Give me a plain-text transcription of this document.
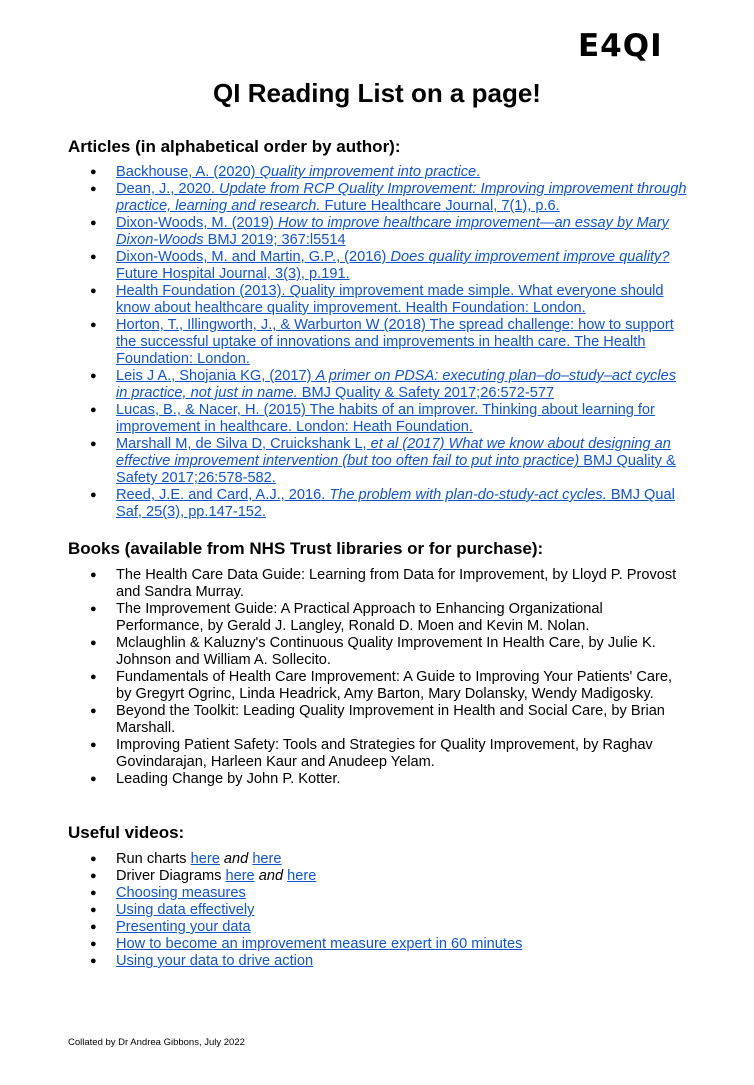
E4QI
QI Reading List on a page!
Articles (in alphabetical order by author):
● Backhouse, A. (2020) Quality improvement into practice.
● Dean, J., 2020. Update from RCP Quality Improvement: Improving improvement through practice, learning and research. Future Healthcare Journal, 7(1), p.6.
● Dixon-Woods, M. (2019) How to improve healthcare improvement—an essay by Mary Dixon-Woods BMJ 2019; 367:l5514
● Dixon-Woods, M. and Martin, G.P., (2016) Does quality improvement improve quality? Future Hospital Journal, 3(3), p.191.
● Health Foundation (2013). Quality improvement made simple. What everyone should know about healthcare quality improvement. Health Foundation: London.
● Horton, T., Illingworth, J., & Warburton W (2018) The spread challenge: how to support the successful uptake of innovations and improvements in health care. The Health Foundation: London.
● Leis J A., Shojania KG, (2017) A primer on PDSA: executing plan–do–study–act cycles in practice, not just in name. BMJ Quality & Safety 2017;26:572-577
● Lucas, B., & Nacer, H. (2015) The habits of an improver. Thinking about learning for improvement in healthcare. London: Heath Foundation.
● Marshall M, de Silva D, Cruickshank L, et al (2017) What we know about designing an effective improvement intervention (but too often fail to put into practice) BMJ Quality & Safety 2017;26:578-582.
● Reed, J.E. and Card, A.J., 2016. The problem with plan-do-study-act cycles. BMJ Qual Saf, 25(3), pp.147-152.
Books (available from NHS Trust libraries or for purchase):
● The Health Care Data Guide: Learning from Data for Improvement, by Lloyd P. Provost and Sandra Murray.
● The Improvement Guide: A Practical Approach to Enhancing Organizational Performance, by Gerald J. Langley, Ronald D. Moen and Kevin M. Nolan.
● Mclaughlin & Kaluzny's Continuous Quality Improvement In Health Care, by Julie K. Johnson and William A. Sollecito.
● Fundamentals of Health Care Improvement: A Guide to Improving Your Patients' Care, by Gregyrt Ogrinc, Linda Headrick, Amy Barton, Mary Dolansky, Wendy Madigosky.
● Beyond the Toolkit: Leading Quality Improvement in Health and Social Care, by Brian Marshall.
● Improving Patient Safety: Tools and Strategies for Quality Improvement, by Raghav Govindarajan, Harleen Kaur and Anudeep Yelam.
● Leading Change by John P. Kotter.
Useful videos:
● Run charts here and here
● Driver Diagrams here and here
● Choosing measures
● Using data effectively
● Presenting your data
● How to become an improvement measure expert in 60 minutes
● Using your data to drive action
Collated by Dr Andrea Gibbons, July 2022
